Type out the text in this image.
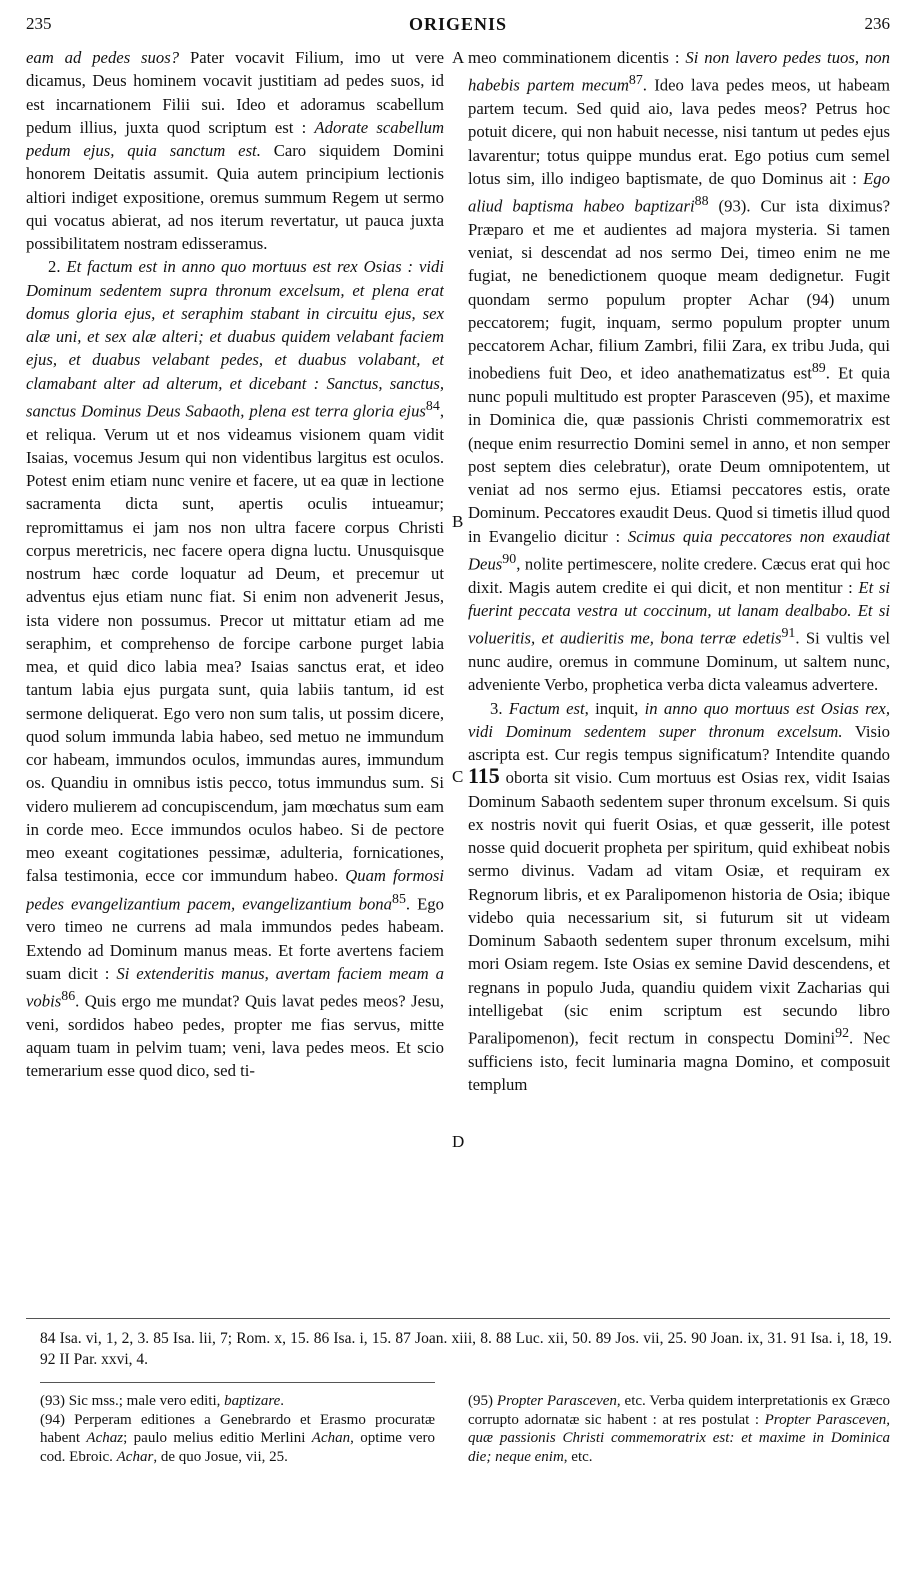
235	ORIGENIS	236
A
B
C
D

eam ad pedes suos? Pater vocavit Filium, imo ut vere dicamus, Deus hominem vocavit justitiam ad pedes suos, id est incarnationem Filii sui. Ideo et adoramus scabellum pedum illius, juxta quod scriptum est : Adorate scabellum pedum ejus, quia sanctum est. Caro siquidem Domini honorem Deitatis assumit. Quia autem principium lectionis altiori indiget expositione, oremus summum Regem ut sermo qui vocatus abierat, ad nos iterum revertatur, ut pauca juxta possibilitatem nostram edisseramus.

2. Et factum est in anno quo mortuus est rex Osias : vidi Dominum sedentem supra thronum excelsum, et plena erat domus gloria ejus, et seraphim stabant in circuitu ejus, sex alæ uni, et sex alæ alteri; et duabus quidem velabant faciem ejus, et duabus velabant pedes, et duabus volabant, et clamabant alter ad alterum, et dicebant : Sanctus, sanctus, sanctus Dominus Deus Sabaoth, plena est terra gloria ejus$^{84}$, et reliqua. Verum ut et nos videamus visionem quam vidit Isaias, vocemus Jesum qui non videntibus largitus est oculos. Potest enim etiam nunc venire et facere, ut ea quæ in lectione sacramenta dicta sunt, apertis oculis intueamur; repromittamus ei jam nos non ultra facere corpus Christi corpus meretricis, nec facere opera digna luctu. Unusquisque nostrum hæc corde loquatur ad Deum, et precemur ut adventus ejus etiam nunc fiat. Si enim non advenerit Jesus, ista videre non possumus. Precor ut mittatur etiam ad me seraphim, et comprehenso de forcipe carbone purget labia mea, et quid dico labia mea? Isaias sanctus erat, et ideo tantum labia ejus purgata sunt, quia labiis tantum, id est sermone deliquerat. Ego vero non sum talis, ut possim dicere, quod solum immunda labia habeo, sed metuo ne immundum cor habeam, immundos oculos, immundas aures, immundum os. Quandiu in omnibus istis pecco, totus immundus sum. Si videro mulierem ad concupiscendum, jam mœchatus sum eam in corde meo. Ecce immundos oculos habeo. Si de pectore meo exeant cogitationes pessimæ, adulteria, fornicationes, falsa testimonia, ecce cor immundum habeo. Quam formosi pedes evangelizantium pacem, evangelizantium bona$^{85}$. Ego vero timeo ne currens ad mala immundos pedes habeam. Extendo ad Dominum manus meas. Et forte avertens faciem suam dicit : Si extenderitis manus, avertam faciem meam a vobis$^{86}$. Quis ergo me mundat? Quis lavat pedes meos? Jesu, veni, sordidos habeo pedes, propter me fias servus, mitte aquam tuam in pelvim tuam; veni, lava pedes meos. Et scio temerarium esse quod dico, sed ti-

meo comminationem dicentis : Si non lavero pedes tuos, non habebis partem mecum$^{87}$. Ideo lava pedes meos, ut habeam partem tecum. Sed quid aio, lava pedes meos? Petrus hoc potuit dicere, qui non habuit necesse, nisi tantum ut pedes ejus lavarentur; totus quippe mundus erat. Ego potius cum semel lotus sim, illo indigeo baptismate, de quo Dominus ait : Ego aliud baptisma habeo baptizari$^{88}$ (93). Cur ista diximus? Præparo et me et audientes ad majora mysteria. Si tamen veniat, si descendat ad nos sermo Dei, timeo enim ne me fugiat, ne benedictionem quoque meam dedignetur. Fugit quondam sermo populum propter Achar (94) unum peccatorem; fugit, inquam, sermo populum propter unum peccatorem Achar, filium Zambri, filii Zara, ex tribu Juda, qui inobediens fuit Deo, et ideo anathematizatus est$^{89}$. Et quia nunc populi multitudo est propter Parasceven (95), et maxime in Dominica die, quæ passionis Christi commemoratrix est (neque enim resurrectio Domini semel in anno, et non semper post septem dies celebratur), orate Deum omnipotentem, ut veniat ad nos sermo ejus. Etiamsi peccatores estis, orate Dominum. Peccatores exaudit Deus. Quod si timetis illud quod in Evangelio dicitur : Scimus quia peccatores non exaudiat Deus$^{90}$, nolite pertimescere, nolite credere. Cæcus erat qui hoc dixit. Magis autem credite ei qui dicit, et non mentitur : Et si fuerint peccata vestra ut coccinum, ut lanam dealbabo. Et si volueritis, et audieritis me, bona terræ edetis$^{91}$. Si vultis vel nunc audire, oremus in commune Dominum, ut saltem nunc, adveniente Verbo, prophetica verba dicta valeamus advertere.

3. Factum est, inquit, in anno quo mortuus est Osias rex, vidi Dominum sedentem super thronum excelsum. Visio ascripta est. Cur regis tempus significatum? Intendite quando 115 oborta sit visio. Cum mortuus est Osias rex, vidit Isaias Dominum Sabaoth sedentem super thronum excelsum. Si quis ex nostris novit qui fuerit Osias, et quæ gesserit, ille potest nosse quid docuerit propheta per spiritum, quid exhibeat nobis sermo divinus. Vadam ad vitam Osiæ, et requiram ex Regnorum libris, et ex Paralipomenon historia de Osia; ibique videbo quia necessarium sit, si futurum sit ut videam Dominum Sabaoth sedentem super thronum excelsum, mihi mori Osiam regem. Iste Osias ex semine David descendens, et regnans in populo Juda, quandiu quidem vixit Zacharias qui intelligebat (sic enim scriptum est secundo libro Paralipomenon), fecit rectum in conspectu Domini$^{92}$. Nec sufficiens isto, fecit luminaria magna Domino, et composuit templum

84 Isa. vi, 1, 2, 3. 85 Isa. lii, 7; Rom. x, 15. 86 Isa. i, 15. 87 Joan. xiii, 8. 88 Luc. xii, 50. 89 Jos. vii, 25. 90 Joan. ix, 31. 91 Isa. i, 18, 19. 92 II Par. xxvi, 4.

(93) Sic mss.; male vero editi, baptizare.

(94) Perperam editiones a Genebrardo et Erasmo procuratæ habent Achaz; paulo melius editio Merlini Achan, optime vero cod. Ebroic. Achar, de quo Josue, vii, 25.

(95) Propter Parasceven, etc. Verba quidem interpretationis ex Græco corrupto adornatæ sic habent : at res postulat : Propter Parasceven, quæ passionis Christi commemoratrix est: et maxime in Dominica die; neque enim, etc.
